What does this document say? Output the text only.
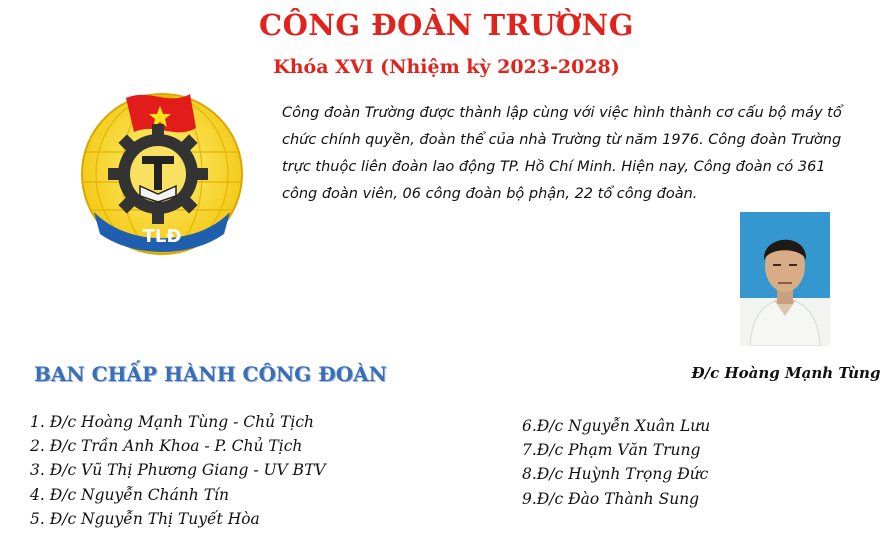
CÔNG ĐOÀN TRƯỜNG
Khóa XVI (Nhiệm kỳ 2023-2028)
TLĐ
Công đoàn Trường được thành lập cùng với việc hình thành cơ cấu bộ máy tổ chức chính quyền, đoàn thể của nhà Trường từ năm 1976. Công đoàn Trường trực thuộc liên đoàn lao động TP. Hồ Chí Minh. Hiện nay, Công đoàn có 361 công đoàn viên, 06 công đoàn bộ phận, 22 tổ công đoàn.
Đ/c Hoàng Mạnh Tùng
BAN CHẤP HÀNH CÔNG ĐOÀN
1. Đ/c Hoàng Mạnh Tùng - Chủ Tịch
2. Đ/c Trần Anh Khoa - P. Chủ Tịch
3. Đ/c Vũ Thị Phương Giang - UV BTV
4. Đ/c Nguyễn Chánh Tín
5. Đ/c Nguyễn Thị Tuyết Hòa
6.Đ/c Nguyễn Xuân Lưu
7.Đ/c Phạm Văn Trung
8.Đ/c Huỳnh Trọng Đức
9.Đ/c Đào Thành Sung
